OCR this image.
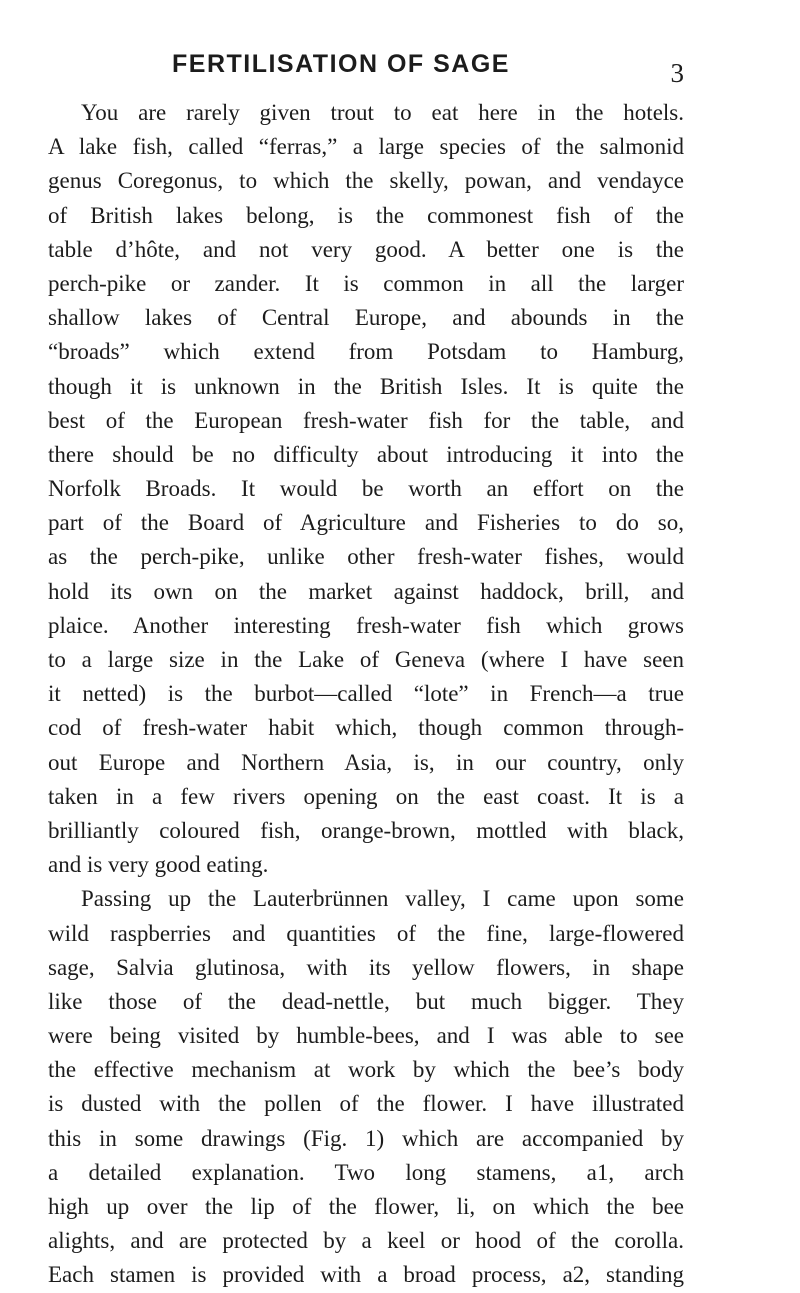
FERTILISATION OF SAGE	3
You are rarely given trout to eat here in the hotels.
A lake fish, called “ferras,” a large species of the salmonid
genus Coregonus, to which the skelly, powan, and vendayce
of British lakes belong, is the commonest fish of the
table d’hôte, and not very good. A better one is the
perch-pike or zander. It is common in all the larger
shallow lakes of Central Europe, and abounds in the
“broads” which extend from Potsdam to Hamburg,
though it is unknown in the British Isles. It is quite the
best of the European fresh-water fish for the table, and
there should be no difficulty about introducing it into the
Norfolk Broads. It would be worth an effort on the
part of the Board of Agriculture and Fisheries to do so,
as the perch-pike, unlike other fresh-water fishes, would
hold its own on the market against haddock, brill, and
plaice. Another interesting fresh-water fish which grows
to a large size in the Lake of Geneva (where I have seen
it netted) is the burbot—called “lote” in French—a true
cod of fresh-water habit which, though common through-
out Europe and Northern Asia, is, in our country, only
taken in a few rivers opening on the east coast. It is a
brilliantly coloured fish, orange-brown, mottled with black,
and is very good eating.
Passing up the Lauterbrünnen valley, I came upon some
wild raspberries and quantities of the fine, large-flowered
sage, Salvia glutinosa, with its yellow flowers, in shape
like those of the dead-nettle, but much bigger. They
were being visited by humble-bees, and I was able to see
the effective mechanism at work by which the bee’s body
is dusted with the pollen of the flower. I have illustrated
this in some drawings (Fig. 1) which are accompanied by
a detailed explanation. Two long stamens, a1, arch
high up over the lip of the flower, li, on which the bee
alights, and are protected by a keel or hood of the corolla.
Each stamen is provided with a broad process, a2, standing
